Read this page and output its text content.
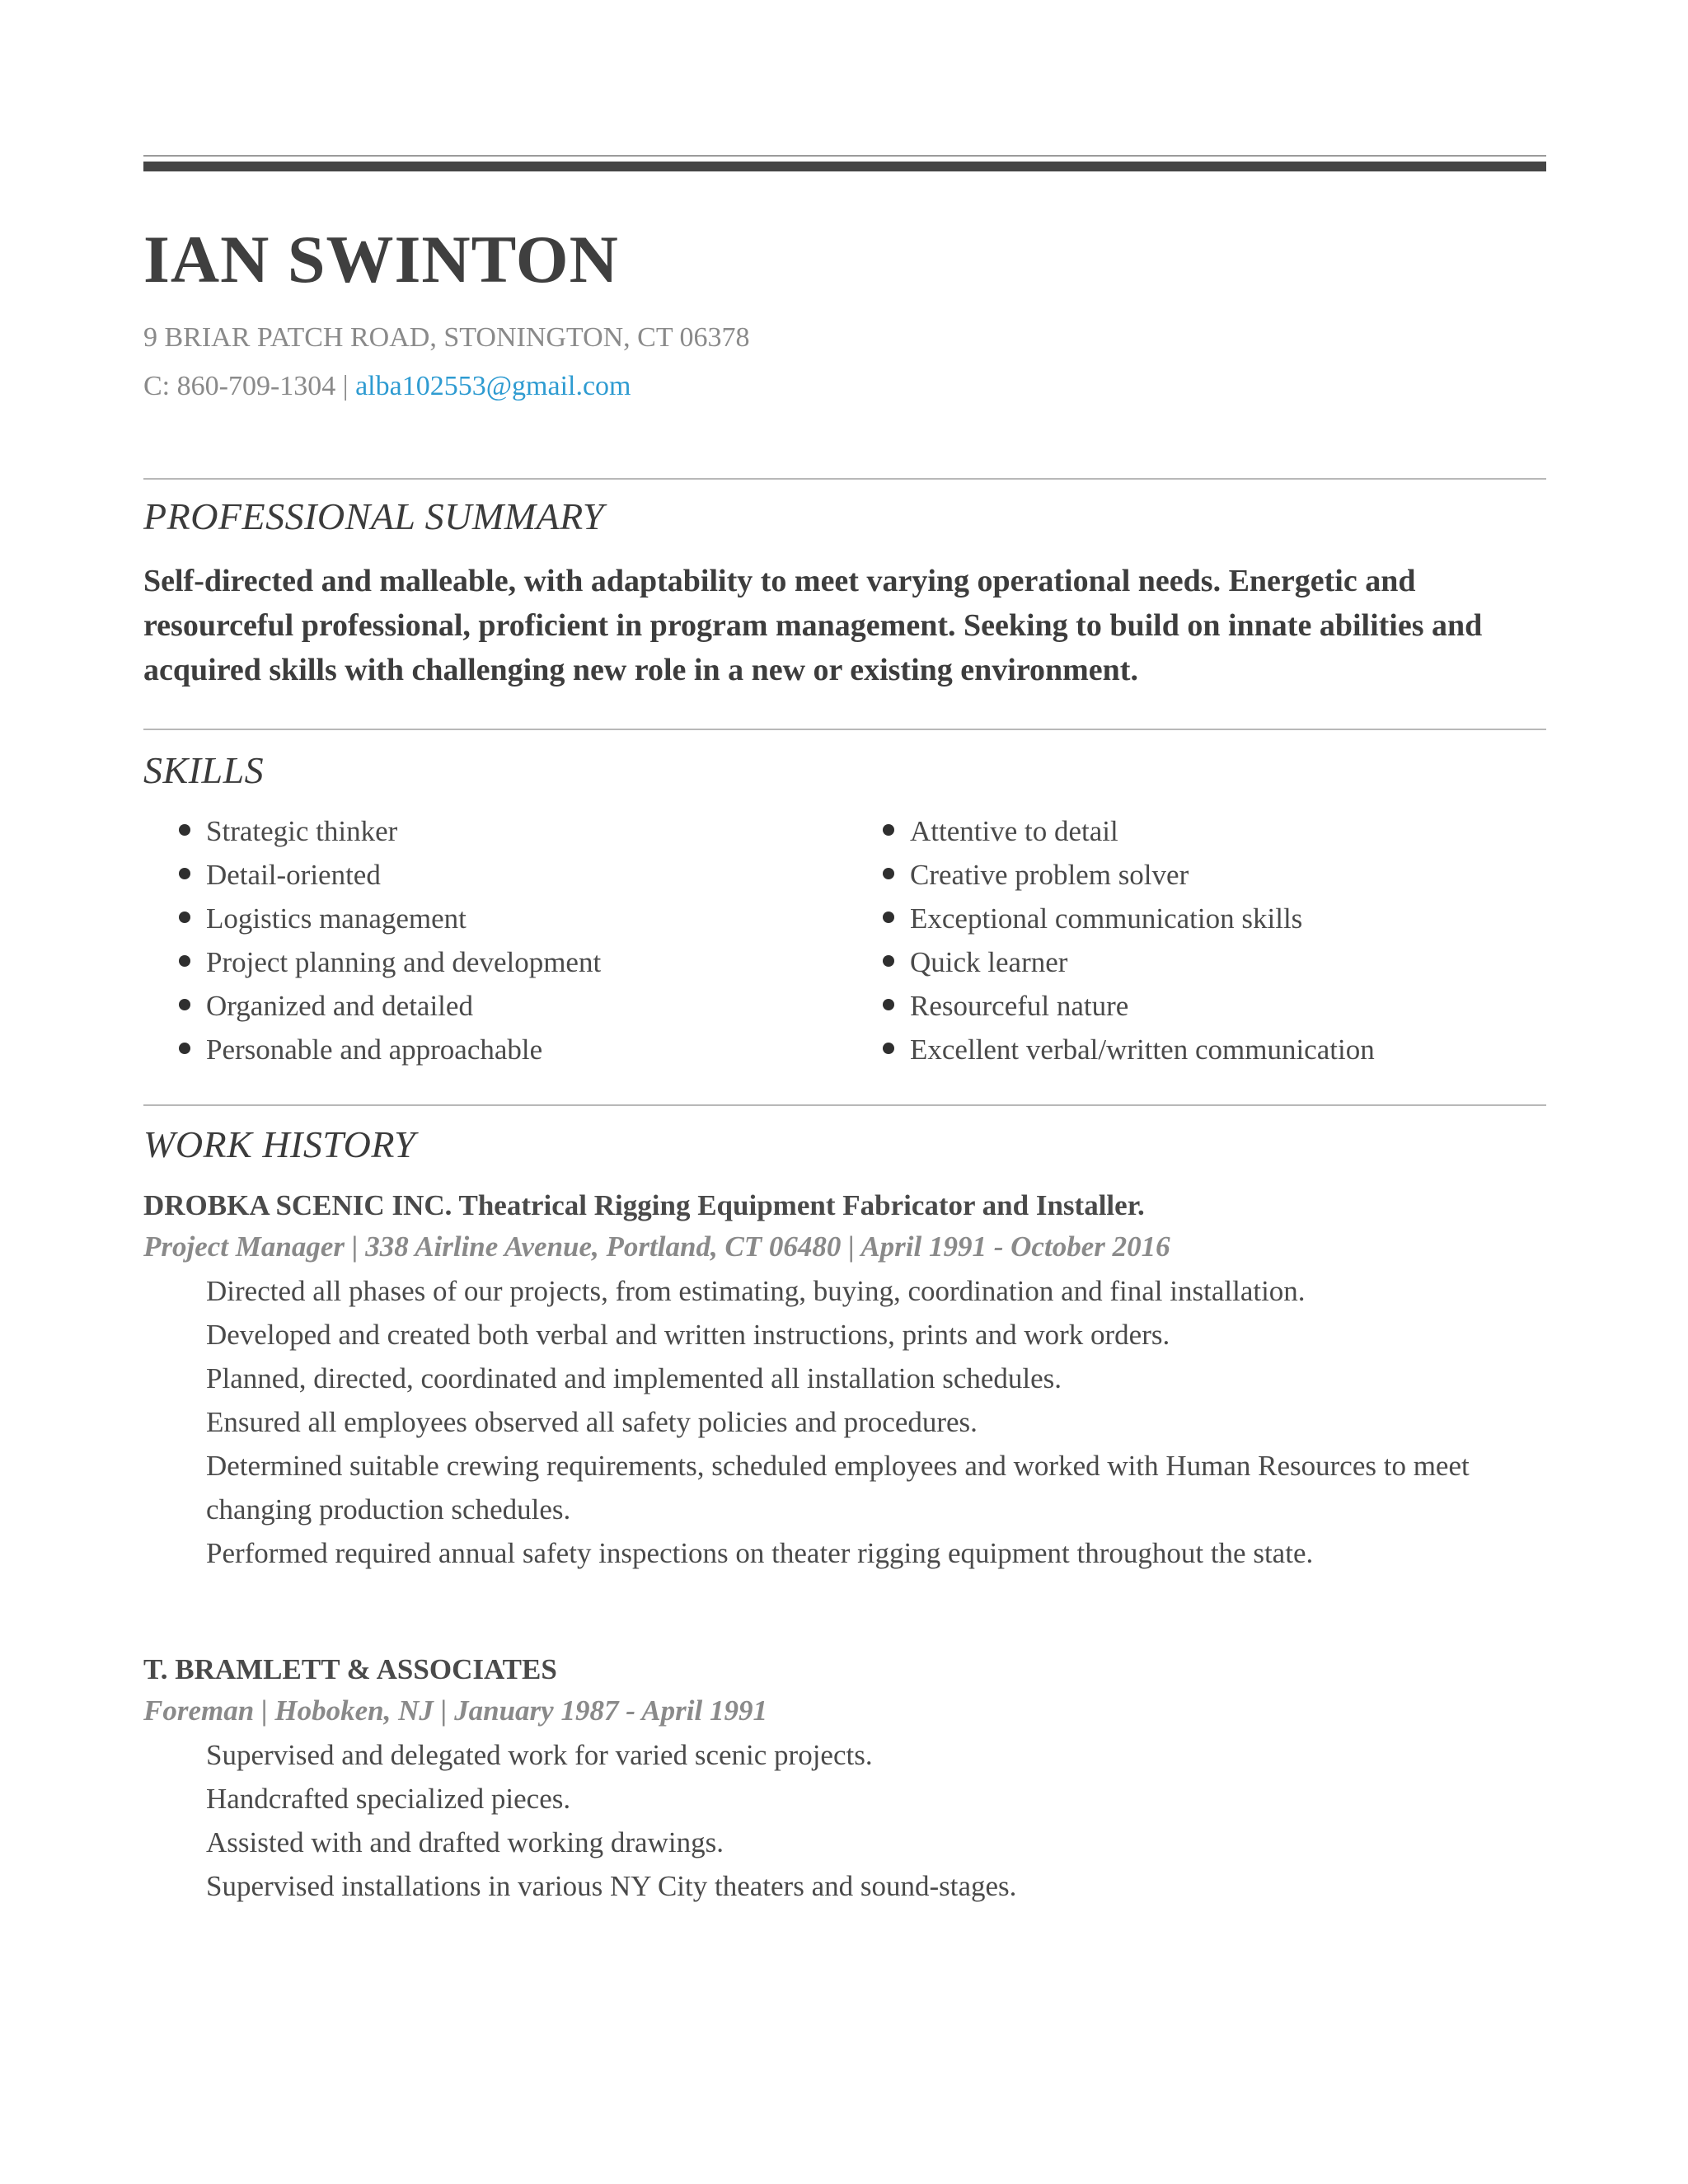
IAN SWINTON
9 BRIAR PATCH ROAD, STONINGTON, CT 06378
C: 860-709-1304 | alba102553@gmail.com
PROFESSIONAL SUMMARY
Self-directed and malleable, with adaptability to meet varying operational needs. Energetic and resourceful professional, proficient in program management. Seeking to build on innate abilities and acquired skills with challenging new role in a new or existing environment.
SKILLS
Strategic thinker
Detail-oriented
Logistics management
Project planning and development
Organized and detailed
Personable and approachable
Attentive to detail
Creative problem solver
Exceptional communication skills
Quick learner
Resourceful nature
Excellent verbal/written communication
WORK HISTORY
DROBKA SCENIC INC. Theatrical Rigging Equipment Fabricator and Installer.
Project Manager | 338 Airline Avenue, Portland, CT 06480 | April 1991 - October 2016
Directed all phases of our projects, from estimating, buying, coordination and final installation.
Developed and created both verbal and written instructions, prints and work orders.
Planned, directed, coordinated and implemented all installation schedules.
Ensured all employees observed all safety policies and procedures.
Determined suitable crewing requirements, scheduled employees and worked with Human Resources to meet changing production schedules.
Performed required annual safety inspections on theater rigging equipment throughout the state.
T. BRAMLETT & ASSOCIATES
Foreman | Hoboken, NJ | January 1987 - April 1991
Supervised and delegated work for varied scenic projects.
Handcrafted specialized pieces.
Assisted with and drafted working drawings.
Supervised installations in various NY City theaters and sound-stages.
